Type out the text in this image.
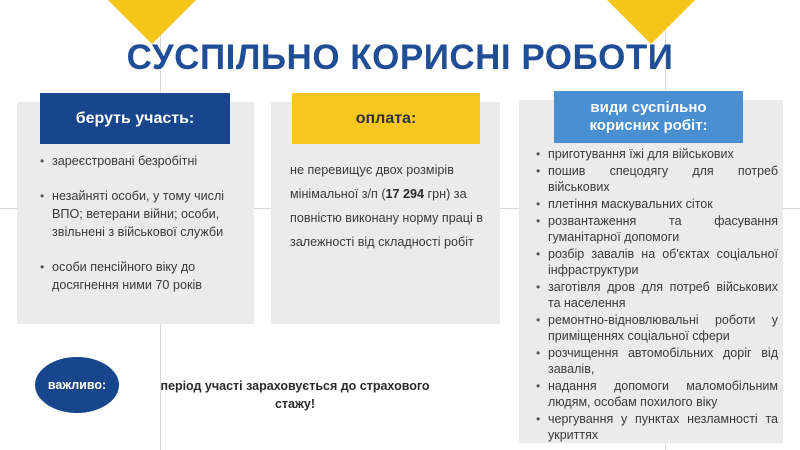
СУСПІЛЬНО КОРИСНІ РОБОТИ
беруть участь:
• зареєстровані безробітні
• незайняті особи, у тому числі ВПО; ветерани війни; особи, звільнені з військової служби
• особи пенсійного віку до досягнення ними 70 років
оплата:
не перевищує двох розмірів мінімальної з/п (17 294 грн) за повністю виконану норму праці в залежності від складності робіт
види суспільно корисних робіт:
• приготування їжі для військових
• пошив спецодягу для потреб військових
• плетіння маскувальних сіток
• розвантаження та фасування гуманітарної допомоги
• розбір завалів на об'єктах соціальної інфраструктури
• заготівля дров для потреб військових та населення
• ремонтно-відновлювальні роботи у приміщеннях соціальної сфери
• розчищення автомобільних доріг від завалів,
• надання допомоги маломобільним людям, особам похилого віку
• чергування у пунктах незламності та укриттях
важливо:	період участі зараховується до страхового стажу!
